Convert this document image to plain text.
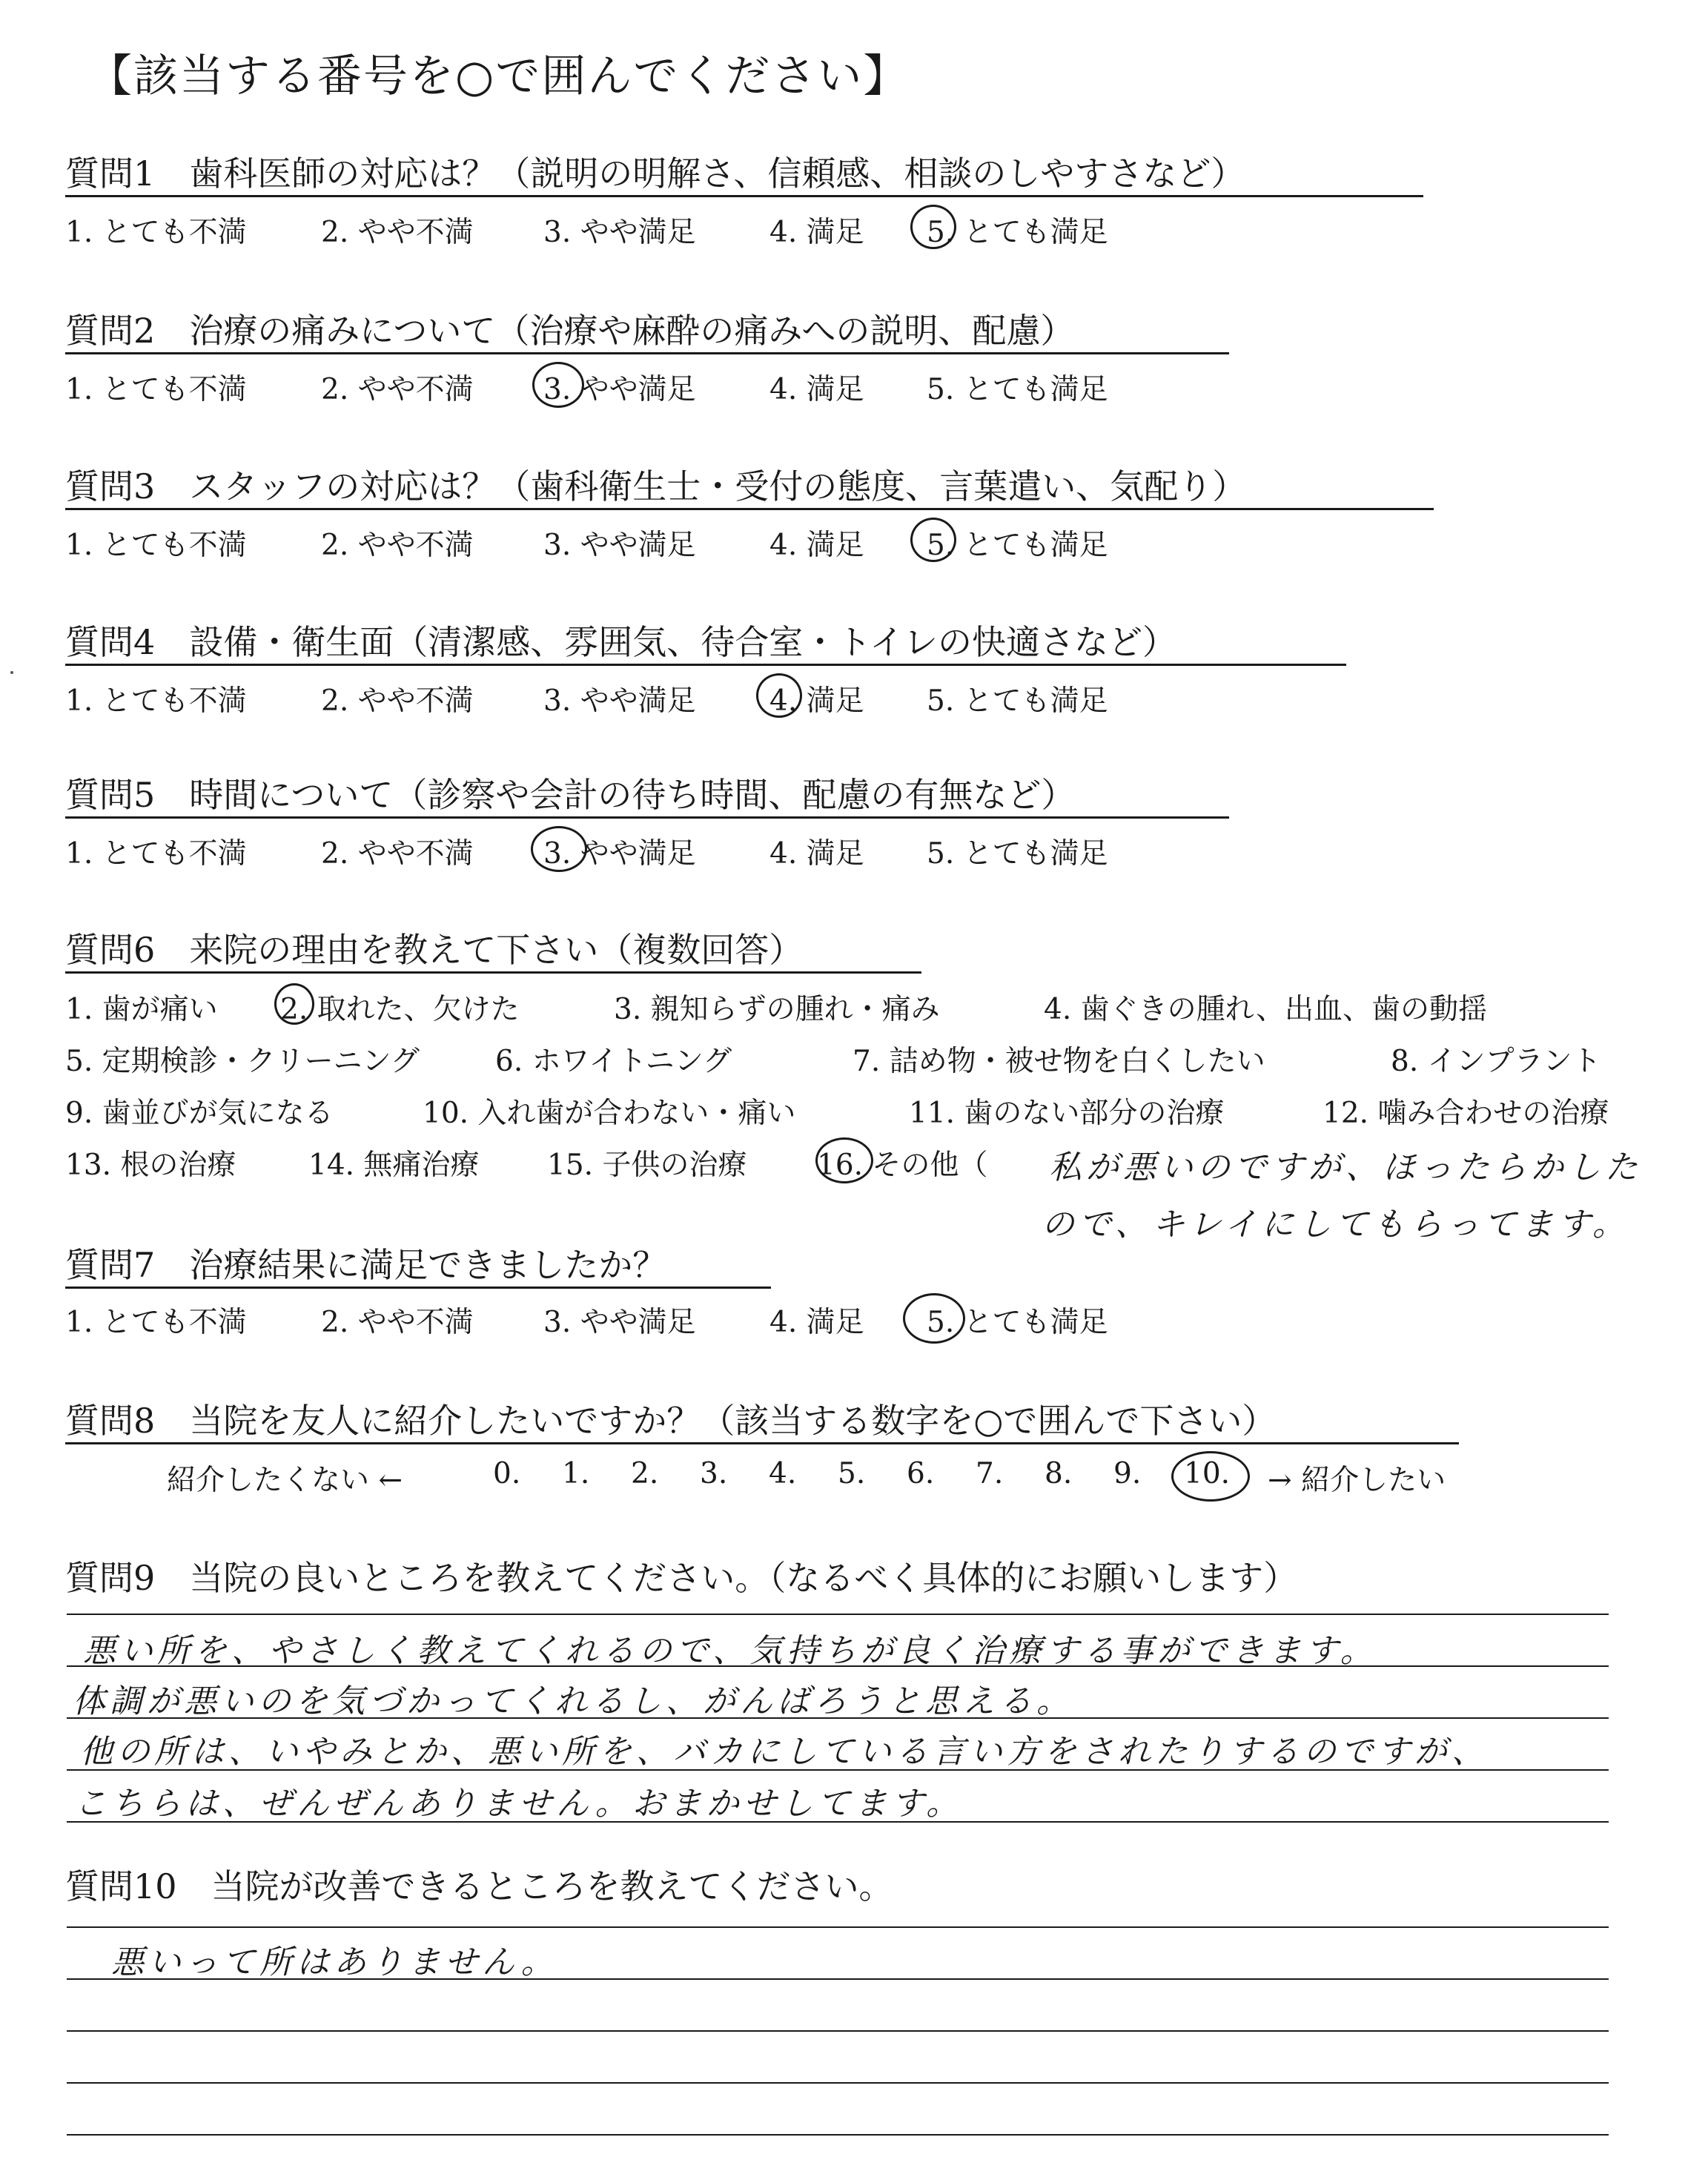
【該当する番号を○で囲んでください】
質問1　歯科医師の対応は？（説明の明解さ、信頼感、相談のしやすさなど）
1. とても不満	2. やや不満 3. やや満足	4. 満足 5. とても満足
質問2　治療の痛みについて（治療や麻酔の痛みへの説明、配慮）
1. とても不満	2. やや不満 3. やや満足	4. 満足 5. とても満足
質問3　スタッフの対応は？（歯科衛生士・受付の態度、言葉遣い、気配り）
1. とても不満	2. やや不満 3. やや満足	4. 満足 5. とても満足
質問4　設備・衛生面（清潔感、雰囲気、待合室・トイレの快適さなど）
1. とても不満	2. やや不満 3. やや満足	4. 満足 5. とても満足
質問5　時間について（診察や会計の待ち時間、配慮の有無など）
1. とても不満	2. やや不満 3. やや満足	4. 満足 5. とても満足
質問6　来院の理由を教えて下さい（複数回答）
1. 歯が痛い 2. 取れた、欠けた	3. 親知らずの腫れ・痛み	4. 歯ぐきの腫れ、出血、歯の動揺
5. 定期検診・クリーニング	6. ホワイトニング	7. 詰め物・被せ物を白くしたい	8. インプラント
9. 歯並びが気になる	10. 入れ歯が合わない・痛い	11. 歯のない部分の治療	12. 噛み合わせの治療
13. 根の治療	14. 無痛治療 15. 子供の治療 16. その他（ 私が悪いのですが、ほったらかした
ので、キレイにしてもらってます。
質問7　治療結果に満足できましたか？
1. とても不満	2. やや不満 3. やや満足	4. 満足 5. とても満足
質問8　当院を友人に紹介したいですか？（該当する数字を○で囲んで下さい）
紹介したくない ←	0. 1. 2. 3. 4. 5. 6. 7. 8. 9. 10. → 紹介したい
質問9　当院の良いところを教えてください。（なるべく具体的にお願いします）
悪い所を、やさしく教えてくれるので、気持ちが良く治療する事ができます。
体調が悪いのを気づかってくれるし、がんばろうと思える。
他の所は、いやみとか、悪い所を、バカにしている言い方をされたりするのですが、
こちらは、ぜんぜんありません。おまかせしてます。
質問10　当院が改善できるところを教えてください。
悪いって所はありません。
